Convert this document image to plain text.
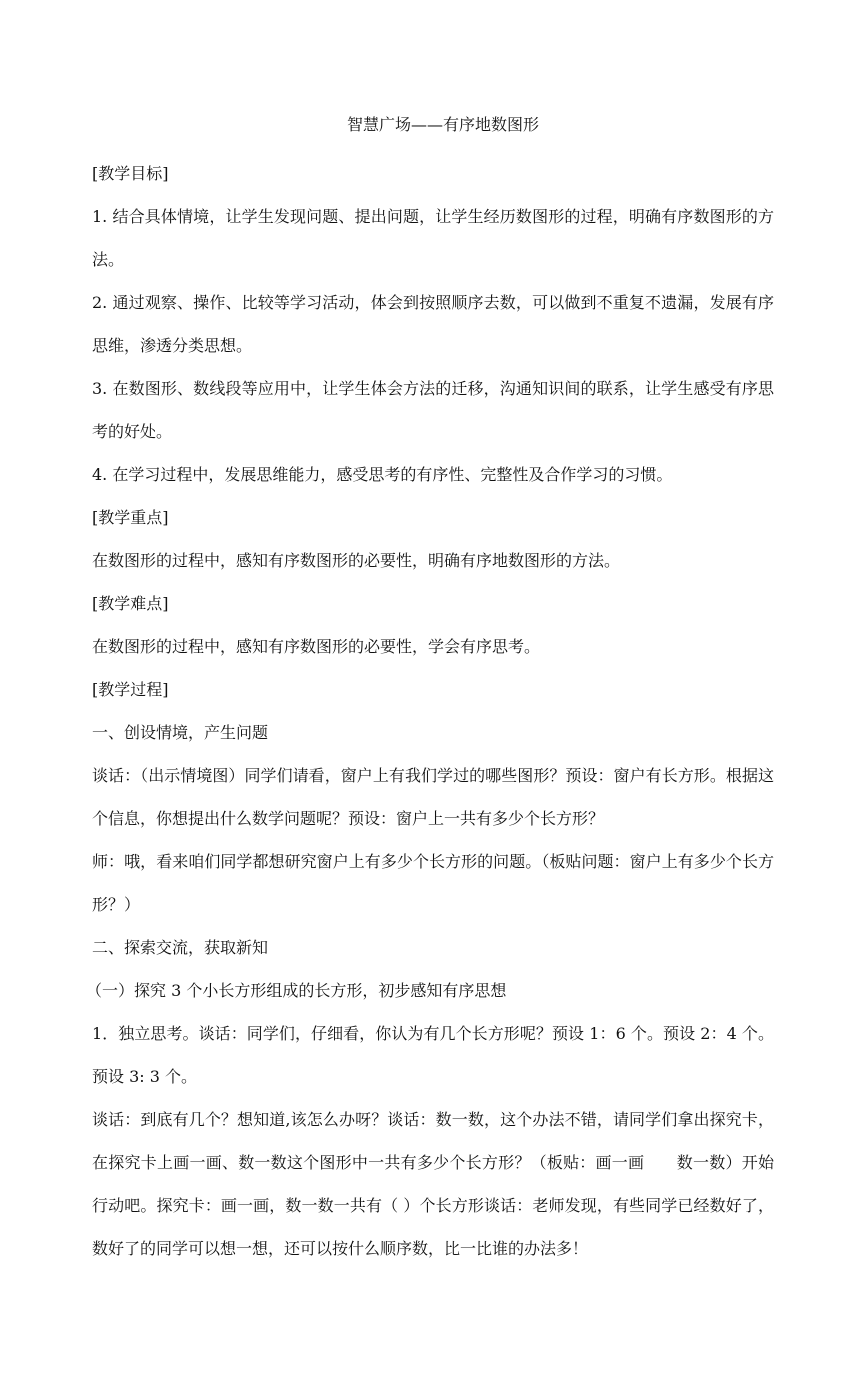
智慧广场——有序地数图形
[教学目标]
1. 结合具体情境，让学生发现问题、提出问题，让学生经历数图形的过程，明确有序数图形的方法。
2. 通过观察、操作、比较等学习活动，体会到按照顺序去数，可以做到不重复不遗漏，发展有序思维，渗透分类思想。
3. 在数图形、数线段等应用中，让学生体会方法的迁移，沟通知识间的联系，让学生感受有序思考的好处。
4. 在学习过程中，发展思维能力，感受思考的有序性、完整性及合作学习的习惯。
[教学重点]
在数图形的过程中，感知有序数图形的必要性，明确有序地数图形的方法。
[教学难点]
在数图形的过程中，感知有序数图形的必要性，学会有序思考。
[教学过程]
一、创设情境，产生问题
谈话：（出示情境图）同学们请看，窗户上有我们学过的哪些图形？预设：窗户有长方形。根据这个信息，你想提出什么数学问题呢？预设：窗户上一共有多少个长方形？
师：哦，看来咱们同学都想研究窗户上有多少个长方形的问题。（板贴问题：窗户上有多少个长方形？）
二、探索交流，获取新知
（一）探究 3 个小长方形组成的长方形，初步感知有序思想
1．独立思考。谈话：同学们，仔细看，你认为有几个长方形呢？预设 1：6 个。预设 2：4 个。预设 3: 3 个。
谈话：到底有几个？想知道,该怎么办呀？谈话：数一数，这个办法不错，请同学们拿出探究卡，在探究卡上画一画、数一数这个图形中一共有多少个长方形？（板贴：画一画　　数一数）开始行动吧。探究卡：画一画，数一数一共有（ ）个长方形谈话：老师发现，有些同学已经数好了，数好了的同学可以想一想，还可以按什么顺序数，比一比谁的办法多！
